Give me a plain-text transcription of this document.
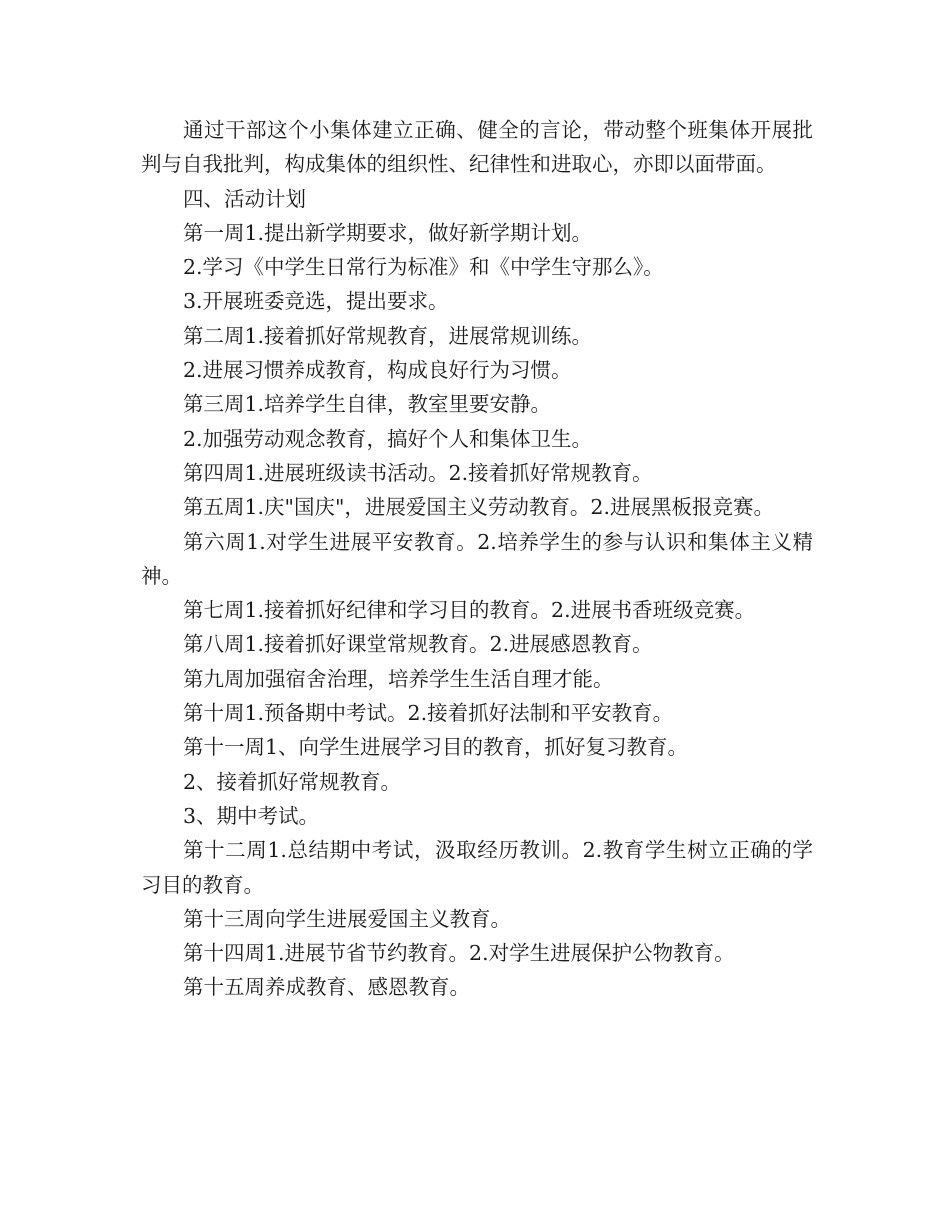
通过干部这个小集体建立正确、健全的言论，带动整个班集体开展批判与自我批判，构成集体的组织性、纪律性和进取心，亦即以面带面。

四、活动计划

第一周1.提出新学期要求，做好新学期计划。

2.学习《中学生日常行为标准》和《中学生守那么》。

3.开展班委竞选，提出要求。

第二周1.接着抓好常规教育，进展常规训练。

2.进展习惯养成教育，构成良好行为习惯。

第三周1.培养学生自律，教室里要安静。

2.加强劳动观念教育，搞好个人和集体卫生。

第四周1.进展班级读书活动。2.接着抓好常规教育。

第五周1.庆"国庆"，进展爱国主义劳动教育。2.进展黑板报竞赛。

第六周1.对学生进展平安教育。2.培养学生的参与认识和集体主义精神。

第七周1.接着抓好纪律和学习目的教育。2.进展书香班级竞赛。

第八周1.接着抓好课堂常规教育。2.进展感恩教育。

第九周加强宿舍治理，培养学生生活自理才能。

第十周1.预备期中考试。2.接着抓好法制和平安教育。

第十一周1、向学生进展学习目的教育，抓好复习教育。

2、接着抓好常规教育。

3、期中考试。

第十二周1.总结期中考试，汲取经历教训。2.教育学生树立正确的学习目的教育。

第十三周向学生进展爱国主义教育。

第十四周1.进展节省节约教育。2.对学生进展保护公物教育。

第十五周养成教育、感恩教育。
